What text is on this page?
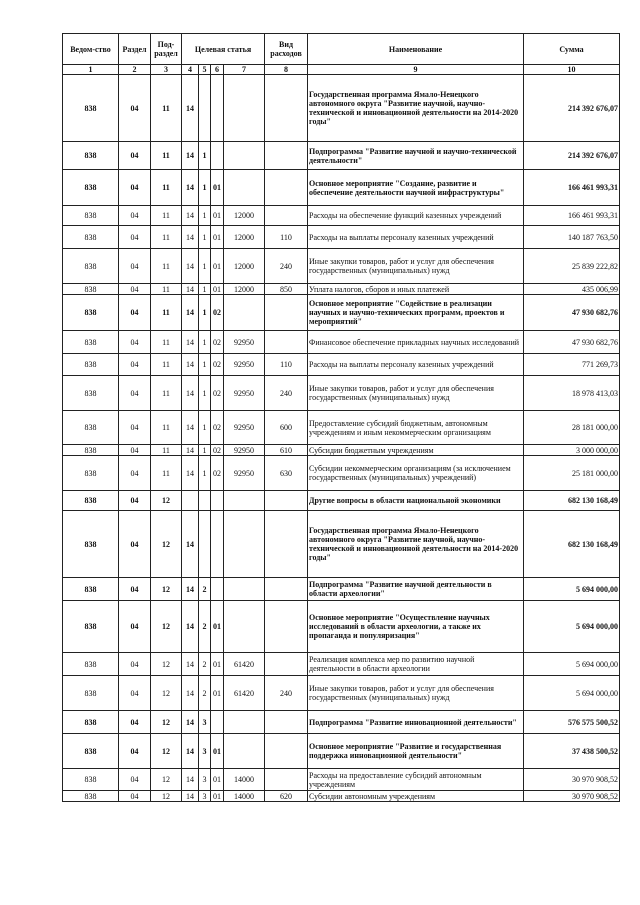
Ведом-ство	Раздел	Под-раздел	Целевая статья				Вид расходов	Наименование	Сумма
1	2	3	4	5	6	7	8	9	10
838	04	11	14					Государственная программа Ямало-Ненецкого автономного округа "Развитие научной, научно-технической и инновационной деятельности на 2014-2020 годы"	214 392 676,07
838	04	11	14	1				Подпрограмма "Развитие научной и научно-технической деятельности"	214 392 676,07
838	04	11	14	1	01			Основное мероприятие "Создание, развитие и обеспечение деятельности научной инфраструктуры"	166 461 993,31
838	04	11	14	1	01	12000		Расходы на обеспечение функций казенных учреждений	166 461 993,31
838	04	11	14	1	01	12000	110	Расходы на выплаты персоналу казенных учреждений	140 187 763,50
838	04	11	14	1	01	12000	240	Иные закупки товаров, работ и услуг для обеспечения государственных (муниципальных) нужд	25 839 222,82
838	04	11	14	1	01	12000	850	Уплата налогов, сборов и иных платежей	435 006,99
838	04	11	14	1	02			Основное мероприятие "Содействие в реализации научных и научно-технических программ, проектов и мероприятий"	47 930 682,76
838	04	11	14	1	02	92950		Финансовое обеспечение прикладных научных исследований	47 930 682,76
838	04	11	14	1	02	92950	110	Расходы на выплаты персоналу казенных учреждений	771 269,73
838	04	11	14	1	02	92950	240	Иные закупки товаров, работ и услуг для обеспечения государственных (муниципальных) нужд	18 978 413,03
838	04	11	14	1	02	92950	600	Предоставление субсидий бюджетным, автономным учреждениям и иным некоммерческим организациям	28 181 000,00
838	04	11	14	1	02	92950	610	Субсидии бюджетным учреждениям	3 000 000,00
838	04	11	14	1	02	92950	630	Субсидии некоммерческим организациям (за исключением государственных (муниципальных) учреждений)	25 181 000,00
838	04	12						Другие вопросы в области национальной экономики	682 130 168,49
838	04	12	14					Государственная программа Ямало-Ненецкого автономного округа "Развитие научной, научно-технической и инновационной деятельности на 2014-2020 годы"	682 130 168,49
838	04	12	14	2				Подпрограмма "Развитие научной деятельности в области археологии"	5 694 000,00
838	04	12	14	2	01			Основное мероприятие "Осуществление научных исследований в области археологии, а также их пропаганда и популяризация"	5 694 000,00
838	04	12	14	2	01	61420		Реализация комплекса мер по развитию научной деятельности в области археологии	5 694 000,00
838	04	12	14	2	01	61420	240	Иные закупки товаров, работ и услуг для обеспечения государственных (муниципальных) нужд	5 694 000,00
838	04	12	14	3				Подпрограмма "Развитие инновационной деятельности"	576 575 500,52
838	04	12	14	3	01			Основное мероприятие "Развитие и государственная поддержка инновационной деятельности"	37 438 500,52
838	04	12	14	3	01	14000		Расходы на предоставление субсидий автономным учреждениям	30 970 908,52
838	04	12	14	3	01	14000	620	Субсидии автономным учреждениям	30 970 908,52
